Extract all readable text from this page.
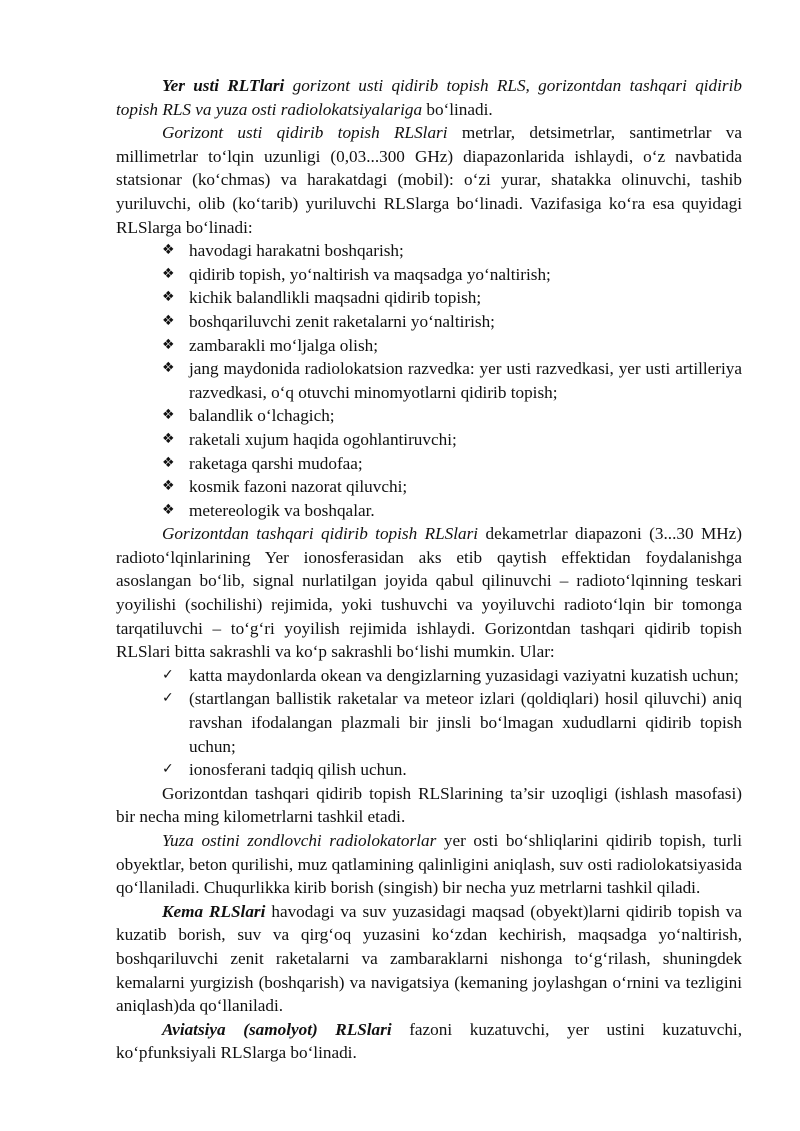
Yer usti RLTlari gorizont usti qidirib topish RLS, gorizontdan tashqari qidirib topish RLS va yuza osti radiolokatsiyalariga bo‘linadi.

Gorizont usti qidirib topish RLSlari metrlar, detsimetrlar, santimetrlar va millimetrlar to‘lqin uzunligi (0,03...300 GHz) diapazonlarida ishlaydi, o‘z navbatida statsionar (ko‘chmas) va harakatdagi (mobil): o‘zi yurar, shatakka olinuvchi, tashib yuriluvchi, olib (ko‘tarib) yuriluvchi RLSlarga bo‘linadi. Vazifasiga ko‘ra esa quyidagi RLSlarga bo‘linadi:

❖ havodagi harakatni boshqarish;
❖ qidirib topish, yo‘naltirish va maqsadga yo‘naltirish;
❖ kichik balandlikli maqsadni qidirib topish;
❖ boshqariluvchi zenit raketalarni yo‘naltirish;
❖ zambarakli mo‘ljalga olish;
❖ jang maydonida radiolokatsion razvedka: yer usti razvedkasi, yer usti artilleriya razvedkasi, o‘q otuvchi minomyotlarni qidirib topish;
❖ balandlik o‘lchagich;
❖ raketali xujum haqida ogohlantiruvchi;
❖ raketaga qarshi mudofaa;
❖ kosmik fazoni nazorat qiluvchi;
❖ metereologik va boshqalar.

Gorizontdan tashqari qidirib topish RLSlari dekametrlar diapazoni (3...30 MHz) radioto‘lqinlarining Yer ionosferasidan aks etib qaytish effektidan foydalanishga asoslangan bo‘lib, signal nurlatilgan joyida qabul qilinuvchi – radioto‘lqinning teskari yoyilishi (sochilishi) rejimida, yoki tushuvchi va yoyiluvchi radioto‘lqin bir tomonga tarqatiluvchi – to‘g‘ri yoyilish rejimida ishlaydi. Gorizontdan tashqari qidirib topish RLSlari bitta sakrashli va ko‘p sakrashli bo‘lishi mumkin. Ular:

✓ katta maydonlarda okean va dengizlarning yuzasidagi vaziyatni kuzatish uchun;
✓ (startlangan ballistik raketalar va meteor izlari (qoldiqlari) hosil qiluvchi) aniq ravshan ifodalangan plazmali bir jinsli bo‘lmagan xududlarni qidirib topish uchun;
✓ ionosferani tadqiq qilish uchun.

Gorizontdan tashqari qidirib topish RLSlarining ta’sir uzoqligi (ishlash masofasi) bir necha ming kilometrlarni tashkil etadi.

Yuza ostini zondlovchi radiolokatorlar yer osti bo‘shliqlarini qidirib topish, turli obyektlar, beton qurilishi, muz qatlamining qalinligini aniqlash, suv osti radiolokatsiyasida qo‘llaniladi. Chuqurlikka kirib borish (singish) bir necha yuz metrlarni tashkil qiladi.

Kema RLSlari havodagi va suv yuzasidagi maqsad (obyekt)larni qidirib topish va kuzatib borish, suv va qirg‘oq yuzasini ko‘zdan kechirish, maqsadga yo‘naltirish, boshqariluvchi zenit raketalarni va zambaraklarni nishonga to‘g‘rilash, shuningdek kemalarni yurgizish (boshqarish) va navigatsiya (kemaning joylashgan o‘rnini va tezligini aniqlash)da qo‘llaniladi.

Aviatsiya (samolyot) RLSlari fazoni kuzatuvchi, yer ustini kuzatuvchi, ko‘pfunksiyali RLSlarga bo‘linadi.
